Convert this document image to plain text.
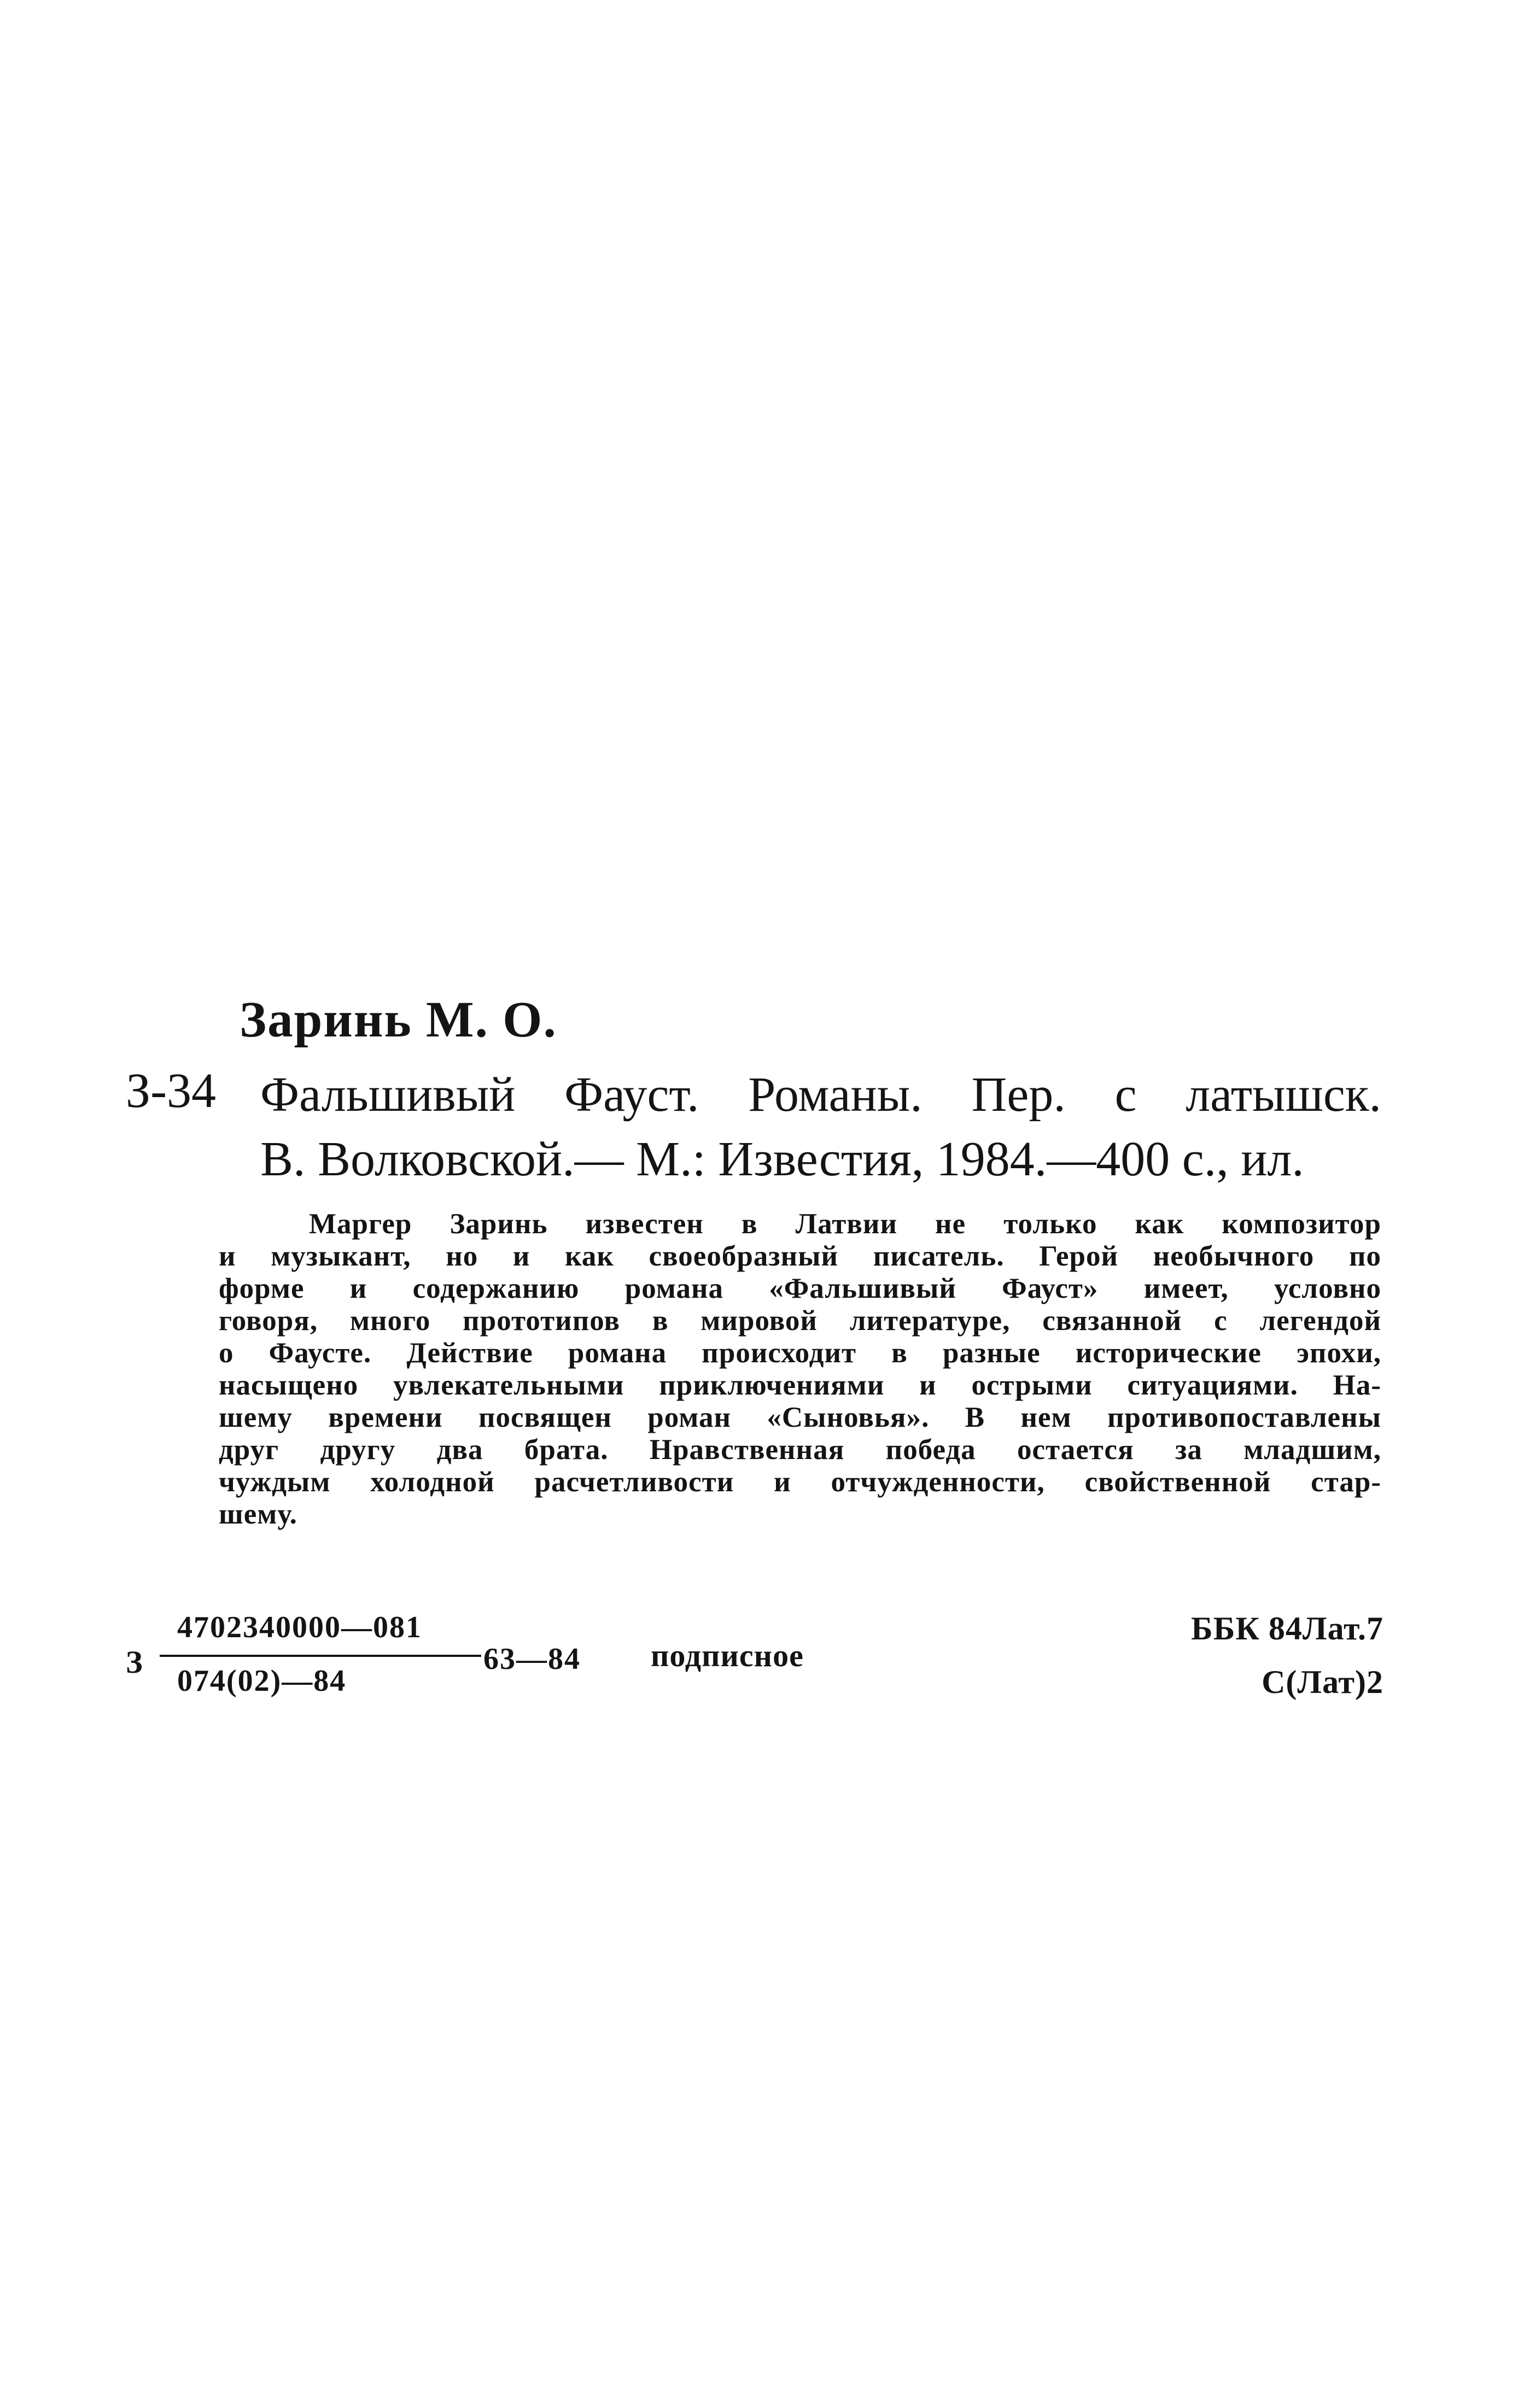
Заринь М. О.
З-34 Фальшивый Фауст. Романы. Пер. с латышск.
В. Волковской.— М.: Известия, 1984.—400 с., ил.
Маргер Заринь известен в Латвии не только как композитор
и музыкант, но и как своеобразный писатель. Герой необычного по
форме и содержанию романа «Фальшивый Фауст» имеет, условно
говоря, много прототипов в мировой литературе, связанной с легендой
о Фаусте. Действие романа происходит в разные исторические эпохи,
насыщено увлекательными приключениями и острыми ситуациями. На-
шему времени посвящен роман «Сыновья». В нем противопоставлены
друг другу два брата. Нравственная победа остается за младшим,
чуждым холодной расчетливости и отчужденности, свойственной стар-
шему.
З
4702340000—081
074(02)—84
63—84 подписное
ББК 84Лат.7
С(Лат)2
